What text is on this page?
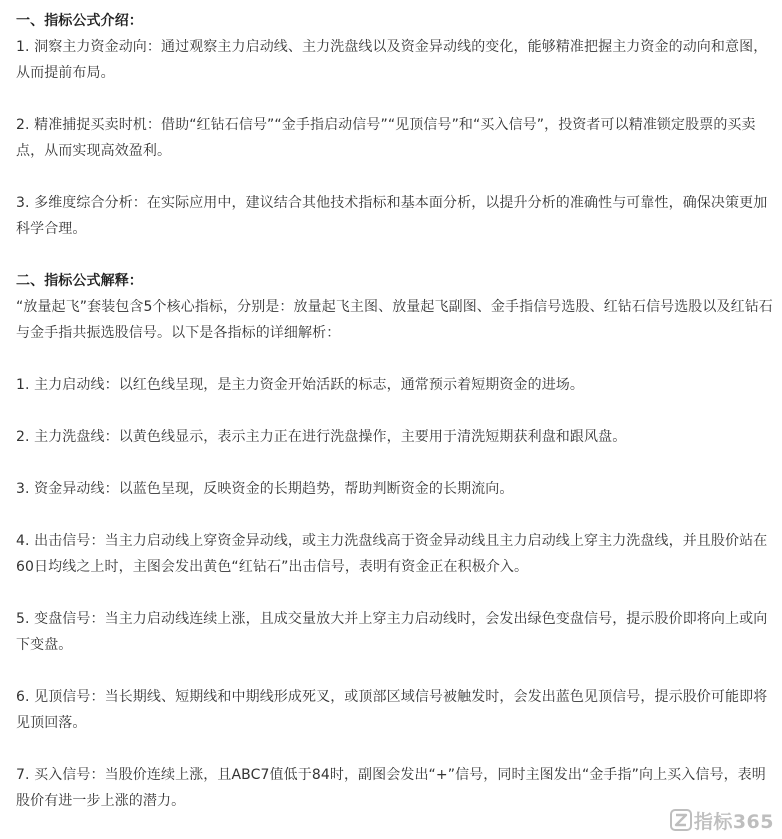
一、指标公式介绍：

1. 洞察主力资金动向：通过观察主力启动线、主力洗盘线以及资金异动线的变化，能够精准把握主力资金的动向和意图，从而提前布局。

2. 精准捕捉买卖时机：借助“红钻石信号”“金手指启动信号”“见顶信号”和“买入信号”，投资者可以精准锁定股票的买卖点，从而实现高效盈利。

3. 多维度综合分析：在实际应用中，建议结合其他技术指标和基本面分析，以提升分析的准确性与可靠性，确保决策更加科学合理。

二、指标公式解释：

“放量起飞”套装包含5个核心指标，分别是：放量起飞主图、放量起飞副图、金手指信号选股、红钻石信号选股以及红钻石与金手指共振选股信号。以下是各指标的详细解析：

1. 主力启动线：以红色线呈现，是主力资金开始活跃的标志，通常预示着短期资金的进场。

2. 主力洗盘线：以黄色线显示，表示主力正在进行洗盘操作，主要用于清洗短期获利盘和跟风盘。

3. 资金异动线：以蓝色呈现，反映资金的长期趋势，帮助判断资金的长期流向。

4. 出击信号：当主力启动线上穿资金异动线，或主力洗盘线高于资金异动线且主力启动线上穿主力洗盘线，并且股价站在60日均线之上时，主图会发出黄色“红钻石”出击信号，表明有资金正在积极介入。

5. 变盘信号：当主力启动线连续上涨，且成交量放大并上穿主力启动线时，会发出绿色变盘信号，提示股价即将向上或向下变盘。

6. 见顶信号：当长期线、短期线和中期线形成死叉，或顶部区域信号被触发时，会发出蓝色见顶信号，提示股价可能即将见顶回落。

7. 买入信号：当股价连续上涨，且ABC7值低于84时，副图会发出“+”信号，同时主图发出“金手指”向上买入信号，表明股价有进一步上涨的潜力。

指标365
